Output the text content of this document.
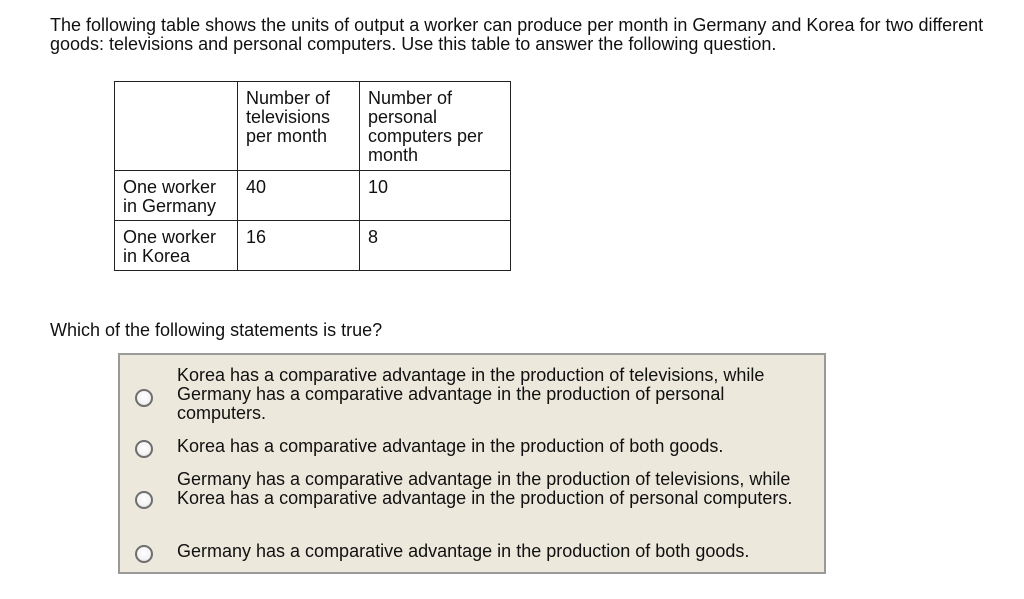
The following table shows the units of output a worker can produce per month in Germany and Korea for two different goods: televisions and personal computers. Use this table to answer the following question.

	Number of televisions per month	Number of personal computers per month
One worker in Germany	40	10
One worker in Korea	16	8

Which of the following statements is true?

Korea has a comparative advantage in the production of televisions, while Germany has a comparative advantage in the production of personal computers.
Korea has a comparative advantage in the production of both goods.
Germany has a comparative advantage in the production of televisions, while Korea has a comparative advantage in the production of personal computers.
Germany has a comparative advantage in the production of both goods.
